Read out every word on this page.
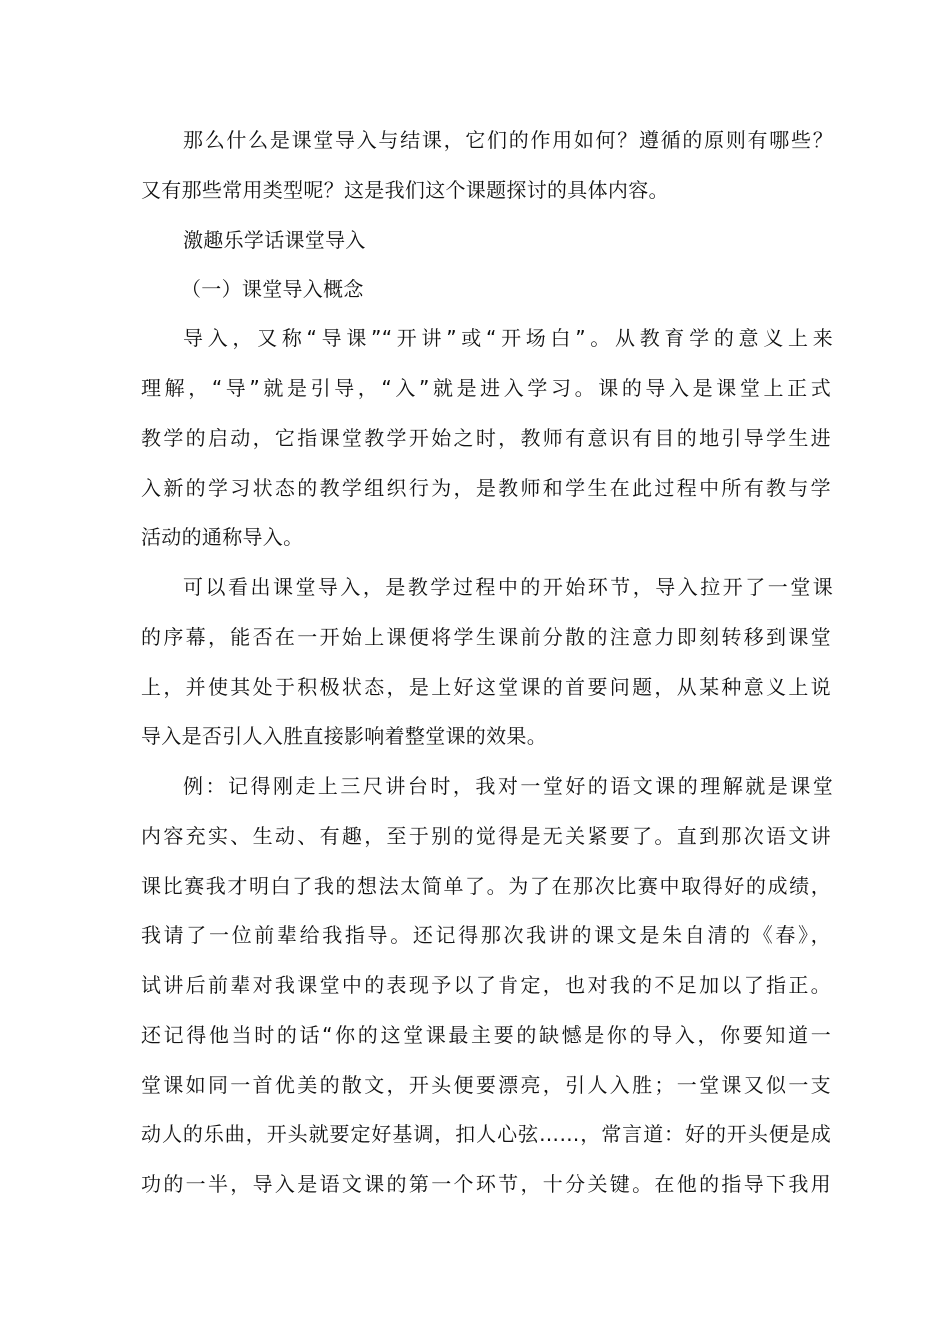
那么什么是课堂导入与结课，它们的作用如何？遵循的原则有哪些？
又有那些常用类型呢？这是我们这个课题探讨的具体内容。
激趣乐学话课堂导入
（一）课堂导入概念
导入，又称“导课”“开讲”或“开场白”。从教育学的意义上来
理解，“导”就是引导，“入”就是进入学习。课的导入是课堂上正式
教学的启动，它指课堂教学开始之时，教师有意识有目的地引导学生进
入新的学习状态的教学组织行为，是教师和学生在此过程中所有教与学
活动的通称导入。
可以看出课堂导入，是教学过程中的开始环节，导入拉开了一堂课
的序幕，能否在一开始上课便将学生课前分散的注意力即刻转移到课堂
上，并使其处于积极状态，是上好这堂课的首要问题，从某种意义上说
导入是否引人入胜直接影响着整堂课的效果。
例：记得刚走上三尺讲台时，我对一堂好的语文课的理解就是课堂
内容充实、生动、有趣，至于别的觉得是无关紧要了。直到那次语文讲
课比赛我才明白了我的想法太简单了。为了在那次比赛中取得好的成绩，
我请了一位前辈给我指导。还记得那次我讲的课文是朱自清的《春》，
试讲后前辈对我课堂中的表现予以了肯定，也对我的不足加以了指正。
还记得他当时的话“你的这堂课最主要的缺憾是你的导入，你要知道一
堂课如同一首优美的散文，开头便要漂亮，引人入胜；一堂课又似一支
动人的乐曲，开头就要定好基调，扣人心弦……，常言道：好的开头便是成
功的一半，导入是语文课的第一个环节，十分关键。在他的指导下我用
